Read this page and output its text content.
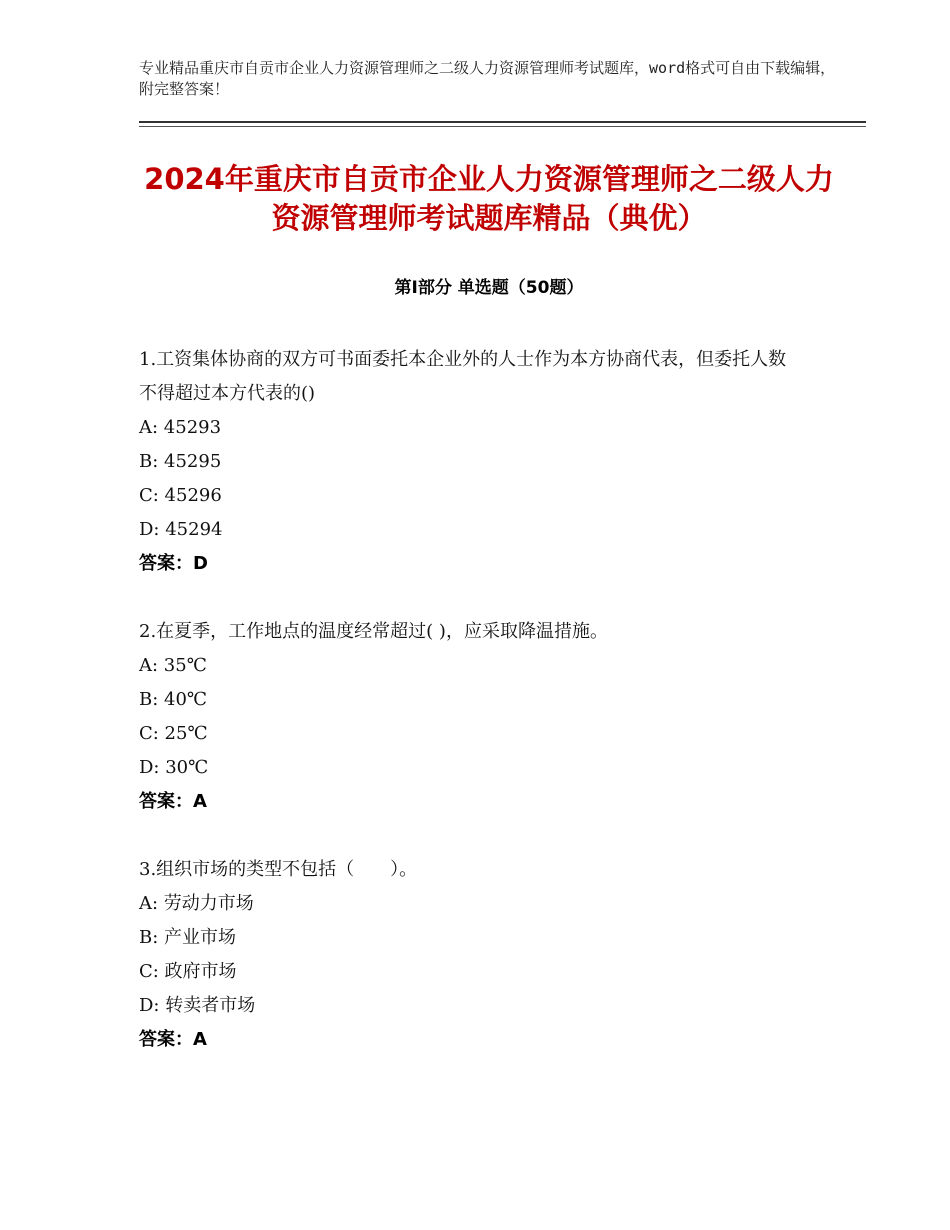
专业精品重庆市自贡市企业人力资源管理师之二级人力资源管理师考试题库，word格式可自由下载编辑，附完整答案！
2024年重庆市自贡市企业人力资源管理师之二级人力资源管理师考试题库精品（典优）
第Ⅰ部分 单选题（50题）
1.工资集体协商的双方可书面委托本企业外的人士作为本方协商代表，但委托人数不得超过本方代表的()
A: 45293
B: 45295
C: 45296
D: 45294
答案：D
2.在夏季，工作地点的温度经常超过( )，应采取降温措施。
A: 35℃
B: 40℃
C: 25℃
D: 30℃
答案：A
3.组织市场的类型不包括（　　）。
A: 劳动力市场
B: 产业市场
C: 政府市场
D: 转卖者市场
答案：A
